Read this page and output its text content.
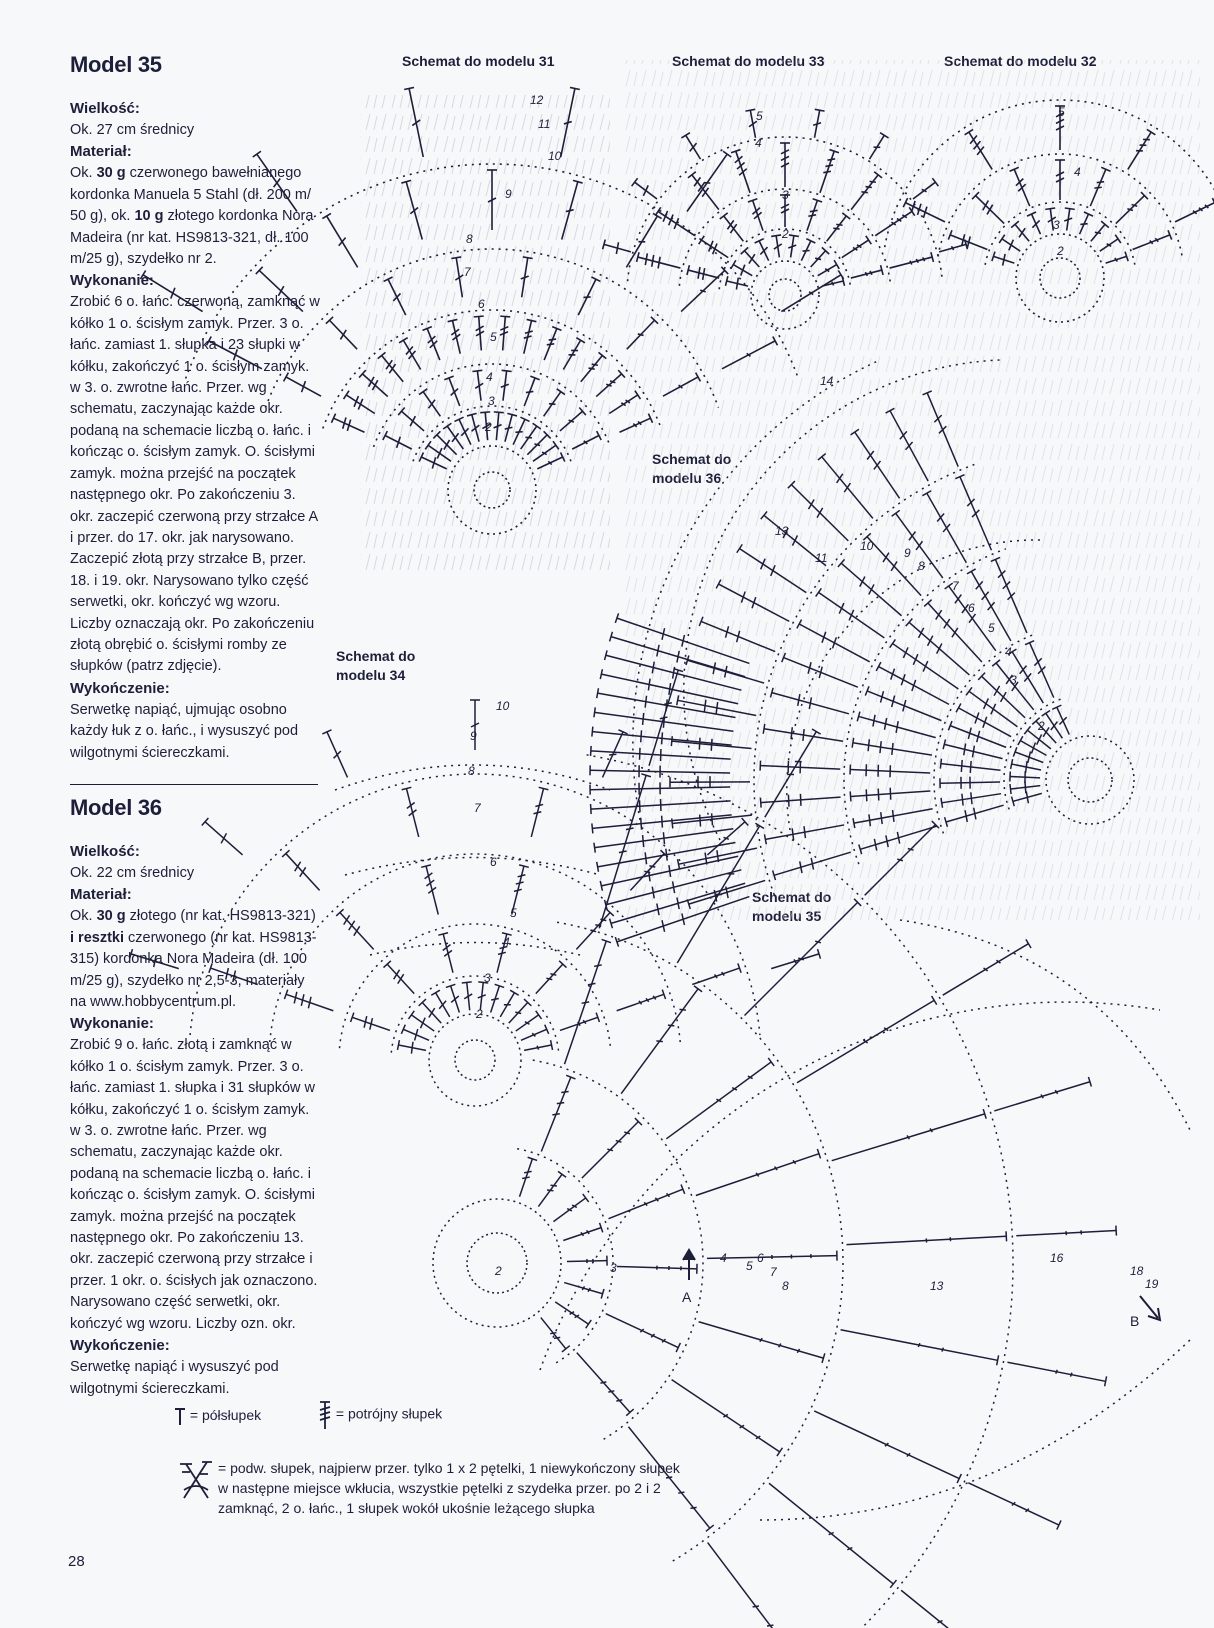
Model 35

Wielkość:

Ok. 27 cm średnicy

Materiał:

Ok. 30 g czerwonego bawełnianego kordonka Manuela 5 Stahl (dł. 200 m/ 50 g), ok. 10 g złotego kordonka Nora Madeira (nr kat. HS9813-321, dł. 100 m/25 g), szydełko nr 2.

Wykonanie:

Zrobić 6 o. łańc. czerwoną, zamknąć w kółko 1 o. ścisłym zamyk. Przer. 3 o. łańc. zamiast 1. słupka i 23 słupki w kółku, zakończyć 1 o. ścisłym zamyk. w 3. o. zwrotne łańc. Przer. wg schematu, zaczynając każde okr. podaną na schemacie liczbą o. łańc. i kończąc o. ścisłym zamyk. O. ścisłymi zamyk. można przejść na początek następnego okr. Po zakończeniu 3. okr. zaczepić czerwoną przy strzałce A i przer. do 17. okr. jak narysowano. Zaczepić złotą przy strzałce B, przer. 18. i 19. okr. Narysowano tylko część serwetki, okr. kończyć wg wzoru. Liczby oznaczają okr. Po zakończeniu złotą obrębić o. ścisłymi romby ze słupków (patrz zdjęcie).

Wykończenie:

Serwetkę napiąć, ujmując osobno każdy łuk z o. łańc., i wysuszyć pod wilgotnymi ściereczkami.

Model 36

Wielkość:

Ok. 22 cm średnicy

Materiał:

Ok. 30 g złotego (nr kat. HS9813-321) i resztki czerwonego (nr kat. HS9813-315) kordonka Nora Madeira (dł. 100 m/25 g), szydełko nr 2,5-3, materiały na www.hobbycentrum.pl.

Wykonanie:

Zrobić 9 o. łańc. złotą i zamknąć w kółko 1 o. ścisłym zamyk. Przer. 3 o. łańc. zamiast 1. słupka i 31 słupków w kółku, zakończyć 1 o. ścisłym zamyk. w 3. o. zwrotne łańc. Przer. wg schematu, zaczynając każde okr. podaną na schemacie liczbą o. łańc. i kończąc o. ścisłym zamyk. O. ścisłymi zamyk. można przejść na początek następnego okr. Po zakończeniu 13. okr. zaczepić czerwoną przy strzałce i przer. 1 okr. o. ścisłych jak oznaczono. Narysowano część serwetki, okr. kończyć wg wzoru. Liczby ozn. okr.

Wykończenie:

Serwetkę napiąć i wysuszyć pod wilgotnymi ściereczkami.

Schemat do modelu 31
Schemat do
modelu 34
2
3
4
5
6
7
8
9
10
11
12
2
3
4
5
2
3
4
5
2
3
4
5
6
7
8
9
10
11
13
14
2
3
4
5
6
7
8
9
10
2	3
4
5
6
7
8	13
16
18
19
A
B
= półsłupek	= potrójny słupek
= podw. słupek, najpierw przer. tylko 1 x 2 pętelki, 1 niewykończony słupek
w następne miejsce wkłucia, wszystkie pętelki z szydełka przer. po 2 i 2
zamknąć, 2 o. łańc., 1 słupek wokół ukośnie leżącego słupka
28
